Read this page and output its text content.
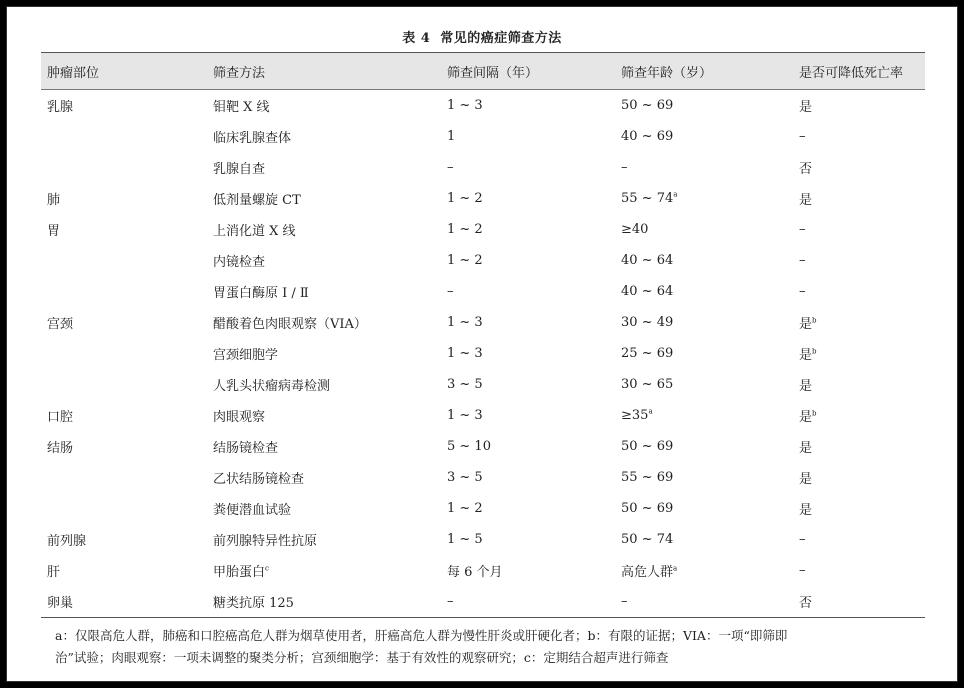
表 4 常见的癌症筛查方法
肿瘤部位	筛查方法	筛查间隔（年）	筛查年龄（岁）	是否可降低死亡率
乳腺	钼靶 X 线	1 ~ 3	50 ~ 69	是
	临床乳腺查体	1	40 ~ 69	–
	乳腺自查	–	–	否
肺	低剂量螺旋 CT	1 ~ 2	55 ~ 74$^a$	是
胃	上消化道 X 线	1 ~ 2	≥40	–
	内镜检查	1 ~ 2	40 ~ 64	–
	胃蛋白酶原 Ⅰ / Ⅱ	–	40 ~ 64	–
宫颈	醋酸着色肉眼观察（VIA）	1 ~ 3	30 ~ 49	是$^b$
	宫颈细胞学	1 ~ 3	25 ~ 69	是$^b$
	人乳头状瘤病毒检测	3 ~ 5	30 ~ 65	是
口腔	肉眼观察	1 ~ 3	$\ge 35^a$	是$^b$
结肠	结肠镜检查	5 ~ 10	50 ~ 69	是
	乙状结肠镜检查	3 ~ 5	55 ~ 69	是
	粪便潜血试验	1 ~ 2	50 ~ 69	是
前列腺	前列腺特异性抗原	1 ~ 5	50 ~ 74	–
肝	甲胎蛋白$^c$	每 6 个月	高危人群$^a$	–
卵巢	糖类抗原 125	–	–	否
a：仅限高危人群，肺癌和口腔癌高危人群为烟草使用者，肝癌高危人群为慢性肝炎或肝硬化者；b：有限的证据；VIA：一项“即筛即
治”试验；肉眼观察：一项未调整的聚类分析；宫颈细胞学：基于有效性的观察研究；c：定期结合超声进行筛查
